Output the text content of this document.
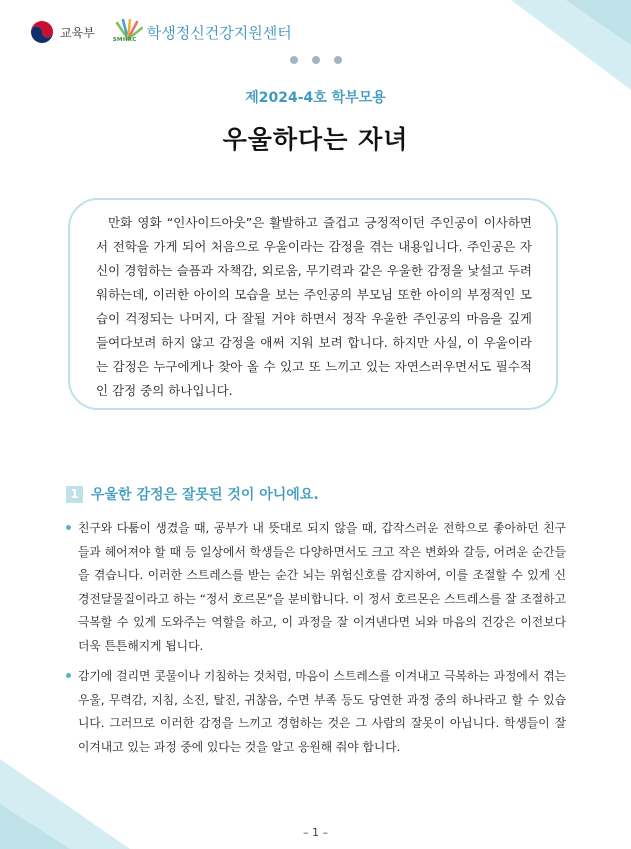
교육부
SMHRC 학생정신건강지원센터
제2024-4호 학부모용
우울하다는 자녀
만화 영화 “인사이드아웃”은 활발하고 즐겁고 긍정적이던 주인공이 이사하면서 전학을 가게 되어 처음으로 우울이라는 감정을 겪는 내용입니다. 주인공은 자신이 경험하는 슬픔과 자책감, 외로움, 무기력과 같은 우울한 감정을 낯설고 두려워하는데, 이러한 아이의 모습을 보는 주인공의 부모님 또한 아이의 부정적인 모습이 걱정되는 나머지, 다 잘될 거야 하면서 정작 우울한 주인공의 마음을 깊게 들여다보려 하지 않고 감정을 애써 지워 보려 합니다. 하지만 사실, 이 우울이라는 감정은 누구에게나 찾아 올 수 있고 또 느끼고 있는 자연스러우면서도 필수적인 감정 중의 하나입니다.
1 우울한 감정은 잘못된 것이 아니에요.
친구와 다툼이 생겼을 때, 공부가 내 뜻대로 되지 않을 때, 갑작스러운 전학으로 좋아하던 친구들과 헤어져야 할 때 등 일상에서 학생들은 다양하면서도 크고 작은 변화와 갈등, 어려운 순간들을 겪습니다. 이러한 스트레스를 받는 순간 뇌는 위험신호를 감지하여, 이를 조절할 수 있게 신경전달물질이라고 하는 “정서 호르몬”을 분비합니다. 이 정서 호르몬은 스트레스를 잘 조절하고 극복할 수 있게 도와주는 역할을 하고, 이 과정을 잘 이겨낸다면 뇌와 마음의 건강은 이전보다 더욱 튼튼해지게 됩니다.
감기에 걸리면 콧물이나 기침하는 것처럼, 마음이 스트레스를 이겨내고 극복하는 과정에서 겪는 우울, 무력감, 지침, 소진, 탈진, 귀찮음, 수면 부족 등도 당연한 과정 중의 하나라고 할 수 있습니다. 그러므로 이러한 감정을 느끼고 경험하는 것은 그 사람의 잘못이 아닙니다. 학생들이 잘 이겨내고 있는 과정 중에 있다는 것을 알고 응원해 줘야 합니다.
– 1 –
